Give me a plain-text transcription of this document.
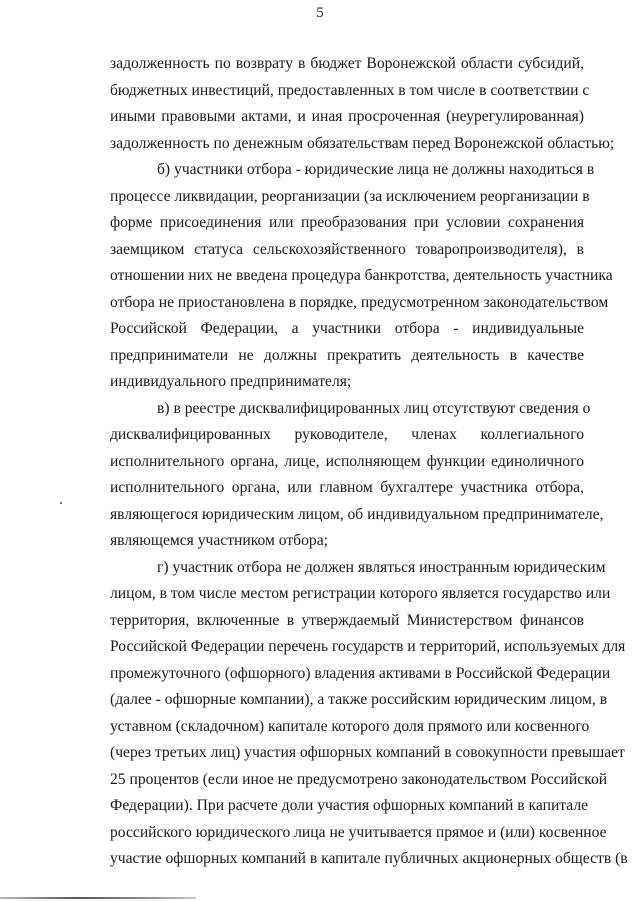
5
задолженность по возврату в бюджет Воронежской области субсидий,
бюджетных инвестиций, предоставленных в том числе в соответствии с
иными правовыми актами, и иная просроченная (неурегулированная)
задолженность по денежным обязательствам перед Воронежской областью;
б) участники отбора - юридические лица не должны находиться в
процессе ликвидации, реорганизации (за исключением реорганизации в
форме присоединения или преобразования при условии сохранения
заемщиком статуса сельскохозяйственного товаропроизводителя), в
отношении них не введена процедура банкротства, деятельность участника
отбора не приостановлена в порядке, предусмотренном законодательством
Российской Федерации, а участники отбора - индивидуальные
предприниматели не должны прекратить деятельность в качестве
индивидуального предпринимателя;
в) в реестре дисквалифицированных лиц отсутствуют сведения о
дисквалифицированных руководителе, членах коллегиального
исполнительного органа, лице, исполняющем функции единоличного
исполнительного органа, или главном бухгалтере участника отбора,
являющегося юридическим лицом, об индивидуальном предпринимателе,
являющемся участником отбора;
г) участник отбора не должен являться иностранным юридическим
лицом, в том числе местом регистрации которого является государство или
территория, включенные в утверждаемый Министерством финансов
Российской Федерации перечень государств и территорий, используемых для
промежуточного (офшорного) владения активами в Российской Федерации
(далее - офшорные компании), а также российским юридическим лицом, в
уставном (складочном) капитале которого доля прямого или косвенного
(через третьих лиц) участия офшорных компаний в совокупности превышает
25 процентов (если иное не предусмотрено законодательством Российской
Федерации). При расчете доли участия офшорных компаний в капитале
российского юридического лица не учитывается прямое и (или) косвенное
участие офшорных компаний в капитале публичных акционерных обществ (в
